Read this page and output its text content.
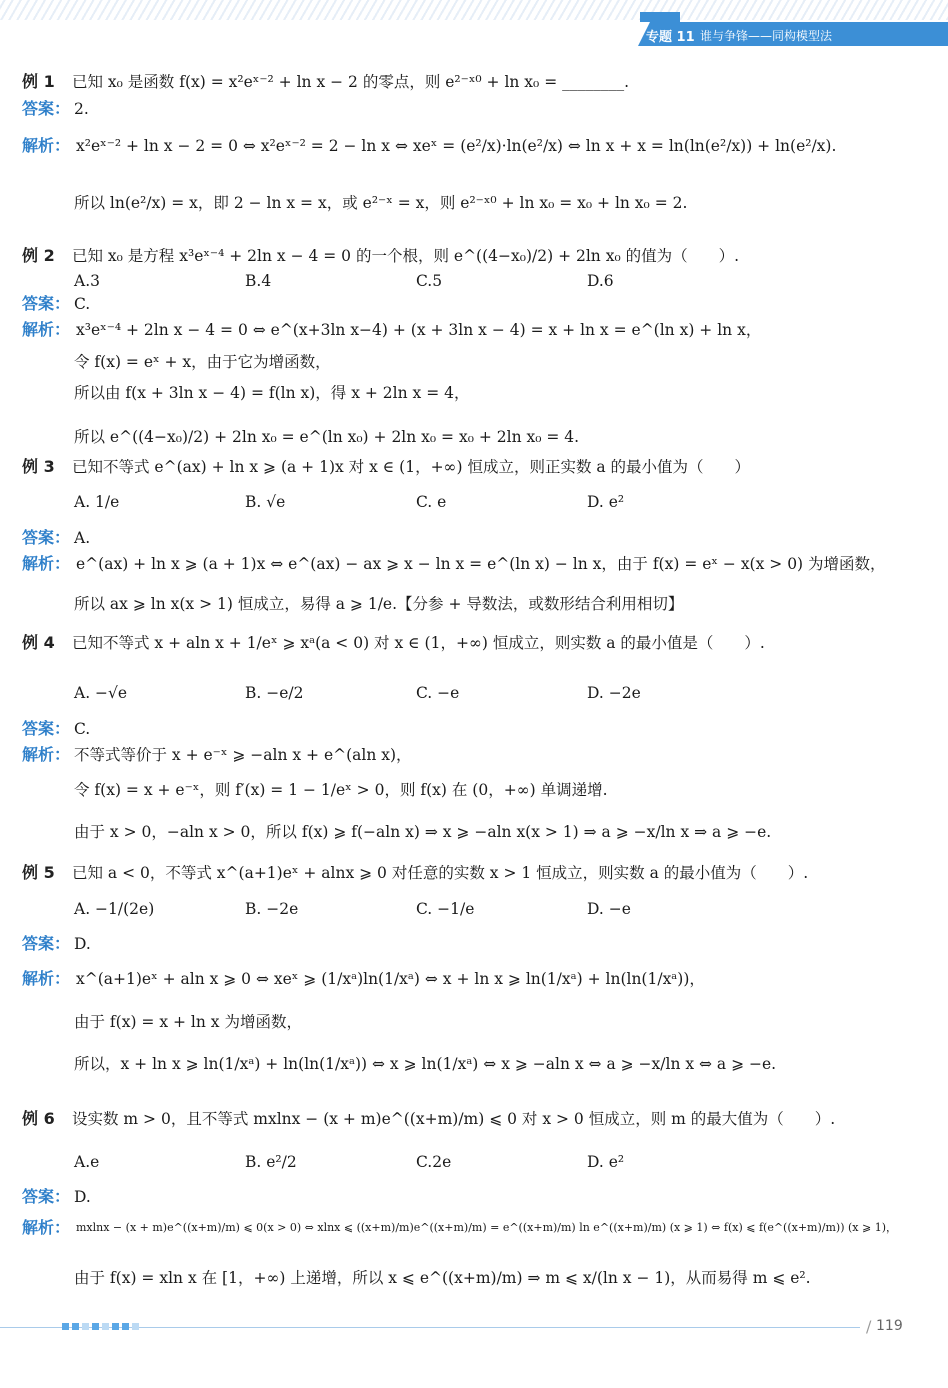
专题 11 谁与争锋——同构模型法
例 1 已知 x₀ 是函数 f(x) = x²eˣ⁻² + ln x − 2 的零点，则 e²⁻ˣ⁰ + ln x₀ = ________.
答案： 2.
解析： x²eˣ⁻² + ln x − 2 = 0 ⇔ x²eˣ⁻² = 2 − ln x ⇔ xeˣ = (e²/x)·ln(e²/x) ⇔ ln x + x = ln(ln(e²/x)) + ln(e²/x).
所以 ln(e²/x) = x，即 2 − ln x = x，或 e²⁻ˣ = x，则 e²⁻ˣ⁰ + ln x₀ = x₀ + ln x₀ = 2.
例 2 已知 x₀ 是方程 x³eˣ⁻⁴ + 2ln x − 4 = 0 的一个根，则 e^((4−x₀)/2) + 2ln x₀ 的值为（　　）.
A.3	B.4	C.5	D.6
答案： C.
解析： x³eˣ⁻⁴ + 2ln x − 4 = 0 ⇔ e^(x+3ln x−4) + (x + 3ln x − 4) = x + ln x = e^(ln x) + ln x，
令 f(x) = eˣ + x，由于它为增函数，
所以由 f(x + 3ln x − 4) = f(ln x)，得 x + 2ln x = 4，
所以 e^((4−x₀)/2) + 2ln x₀ = e^(ln x₀) + 2ln x₀ = x₀ + 2ln x₀ = 4.
例 3 已知不等式 e^(ax) + ln x ⩾ (a + 1)x 对 x ∈ (1，+∞) 恒成立，则正实数 a 的最小值为（　　）
A. 1/e	B. √e	C. e	D. e²
答案： A.
解析： e^(ax) + ln x ⩾ (a + 1)x ⇔ e^(ax) − ax ⩾ x − ln x = e^(ln x) − ln x，由于 f(x) = eˣ − x(x > 0) 为增函数，
所以 ax ⩾ ln x(x > 1) 恒成立，易得 a ⩾ 1/e.【分参 + 导数法，或数形结合利用相切】
例 4 已知不等式 x + aln x + 1/eˣ ⩾ xᵃ(a < 0) 对 x ∈ (1，+∞) 恒成立，则实数 a 的最小值是（　　）.
A. −√e	B. −e/2	C. −e	D. −2e
答案： C.
解析： 不等式等价于 x + e⁻ˣ ⩾ −aln x + e^(aln x)，
令 f(x) = x + e⁻ˣ，则 f′(x) = 1 − 1/eˣ > 0，则 f(x) 在 (0，+∞) 单调递增.
由于 x > 0，−aln x > 0，所以 f(x) ⩾ f(−aln x) ⇒ x ⩾ −aln x(x > 1) ⇒ a ⩾ −x/ln x ⇒ a ⩾ −e.
例 5 已知 a < 0，不等式 x^(a+1)eˣ + alnx ⩾ 0 对任意的实数 x > 1 恒成立，则实数 a 的最小值为（　　）.
A. −1/(2e)	B. −2e	C. −1/e	D. −e
答案： D.
解析： x^(a+1)eˣ + aln x ⩾ 0 ⇔ xeˣ ⩾ (1/xᵃ)ln(1/xᵃ) ⇔ x + ln x ⩾ ln(1/xᵃ) + ln(ln(1/xᵃ))，
由于 f(x) = x + ln x 为增函数，
所以，x + ln x ⩾ ln(1/xᵃ) + ln(ln(1/xᵃ)) ⇔ x ⩾ ln(1/xᵃ) ⇔ x ⩾ −aln x ⇔ a ⩾ −x/ln x ⇔ a ⩾ −e.
例 6 设实数 m > 0，且不等式 mxlnx − (x + m)e^((x+m)/m) ⩽ 0 对 x > 0 恒成立，则 m 的最大值为（　　）.
A.e	B. e²/2	C.2e	D. e²
答案： D.
解析： mxlnx − (x + m)e^((x+m)/m) ⩽ 0(x > 0) ⇔ xlnx ⩽ ((x+m)/m)e^((x+m)/m) = e^((x+m)/m) ln e^((x+m)/m) (x ⩾ 1) ⇔ f(x) ⩽ f(e^((x+m)/m)) (x ⩾ 1)，
由于 f(x) = xln x 在 [1，+∞) 上递增，所以 x ⩽ e^((x+m)/m) ⇒ m ⩽ x/(ln x − 1)，从而易得 m ⩽ e².
/ 119
